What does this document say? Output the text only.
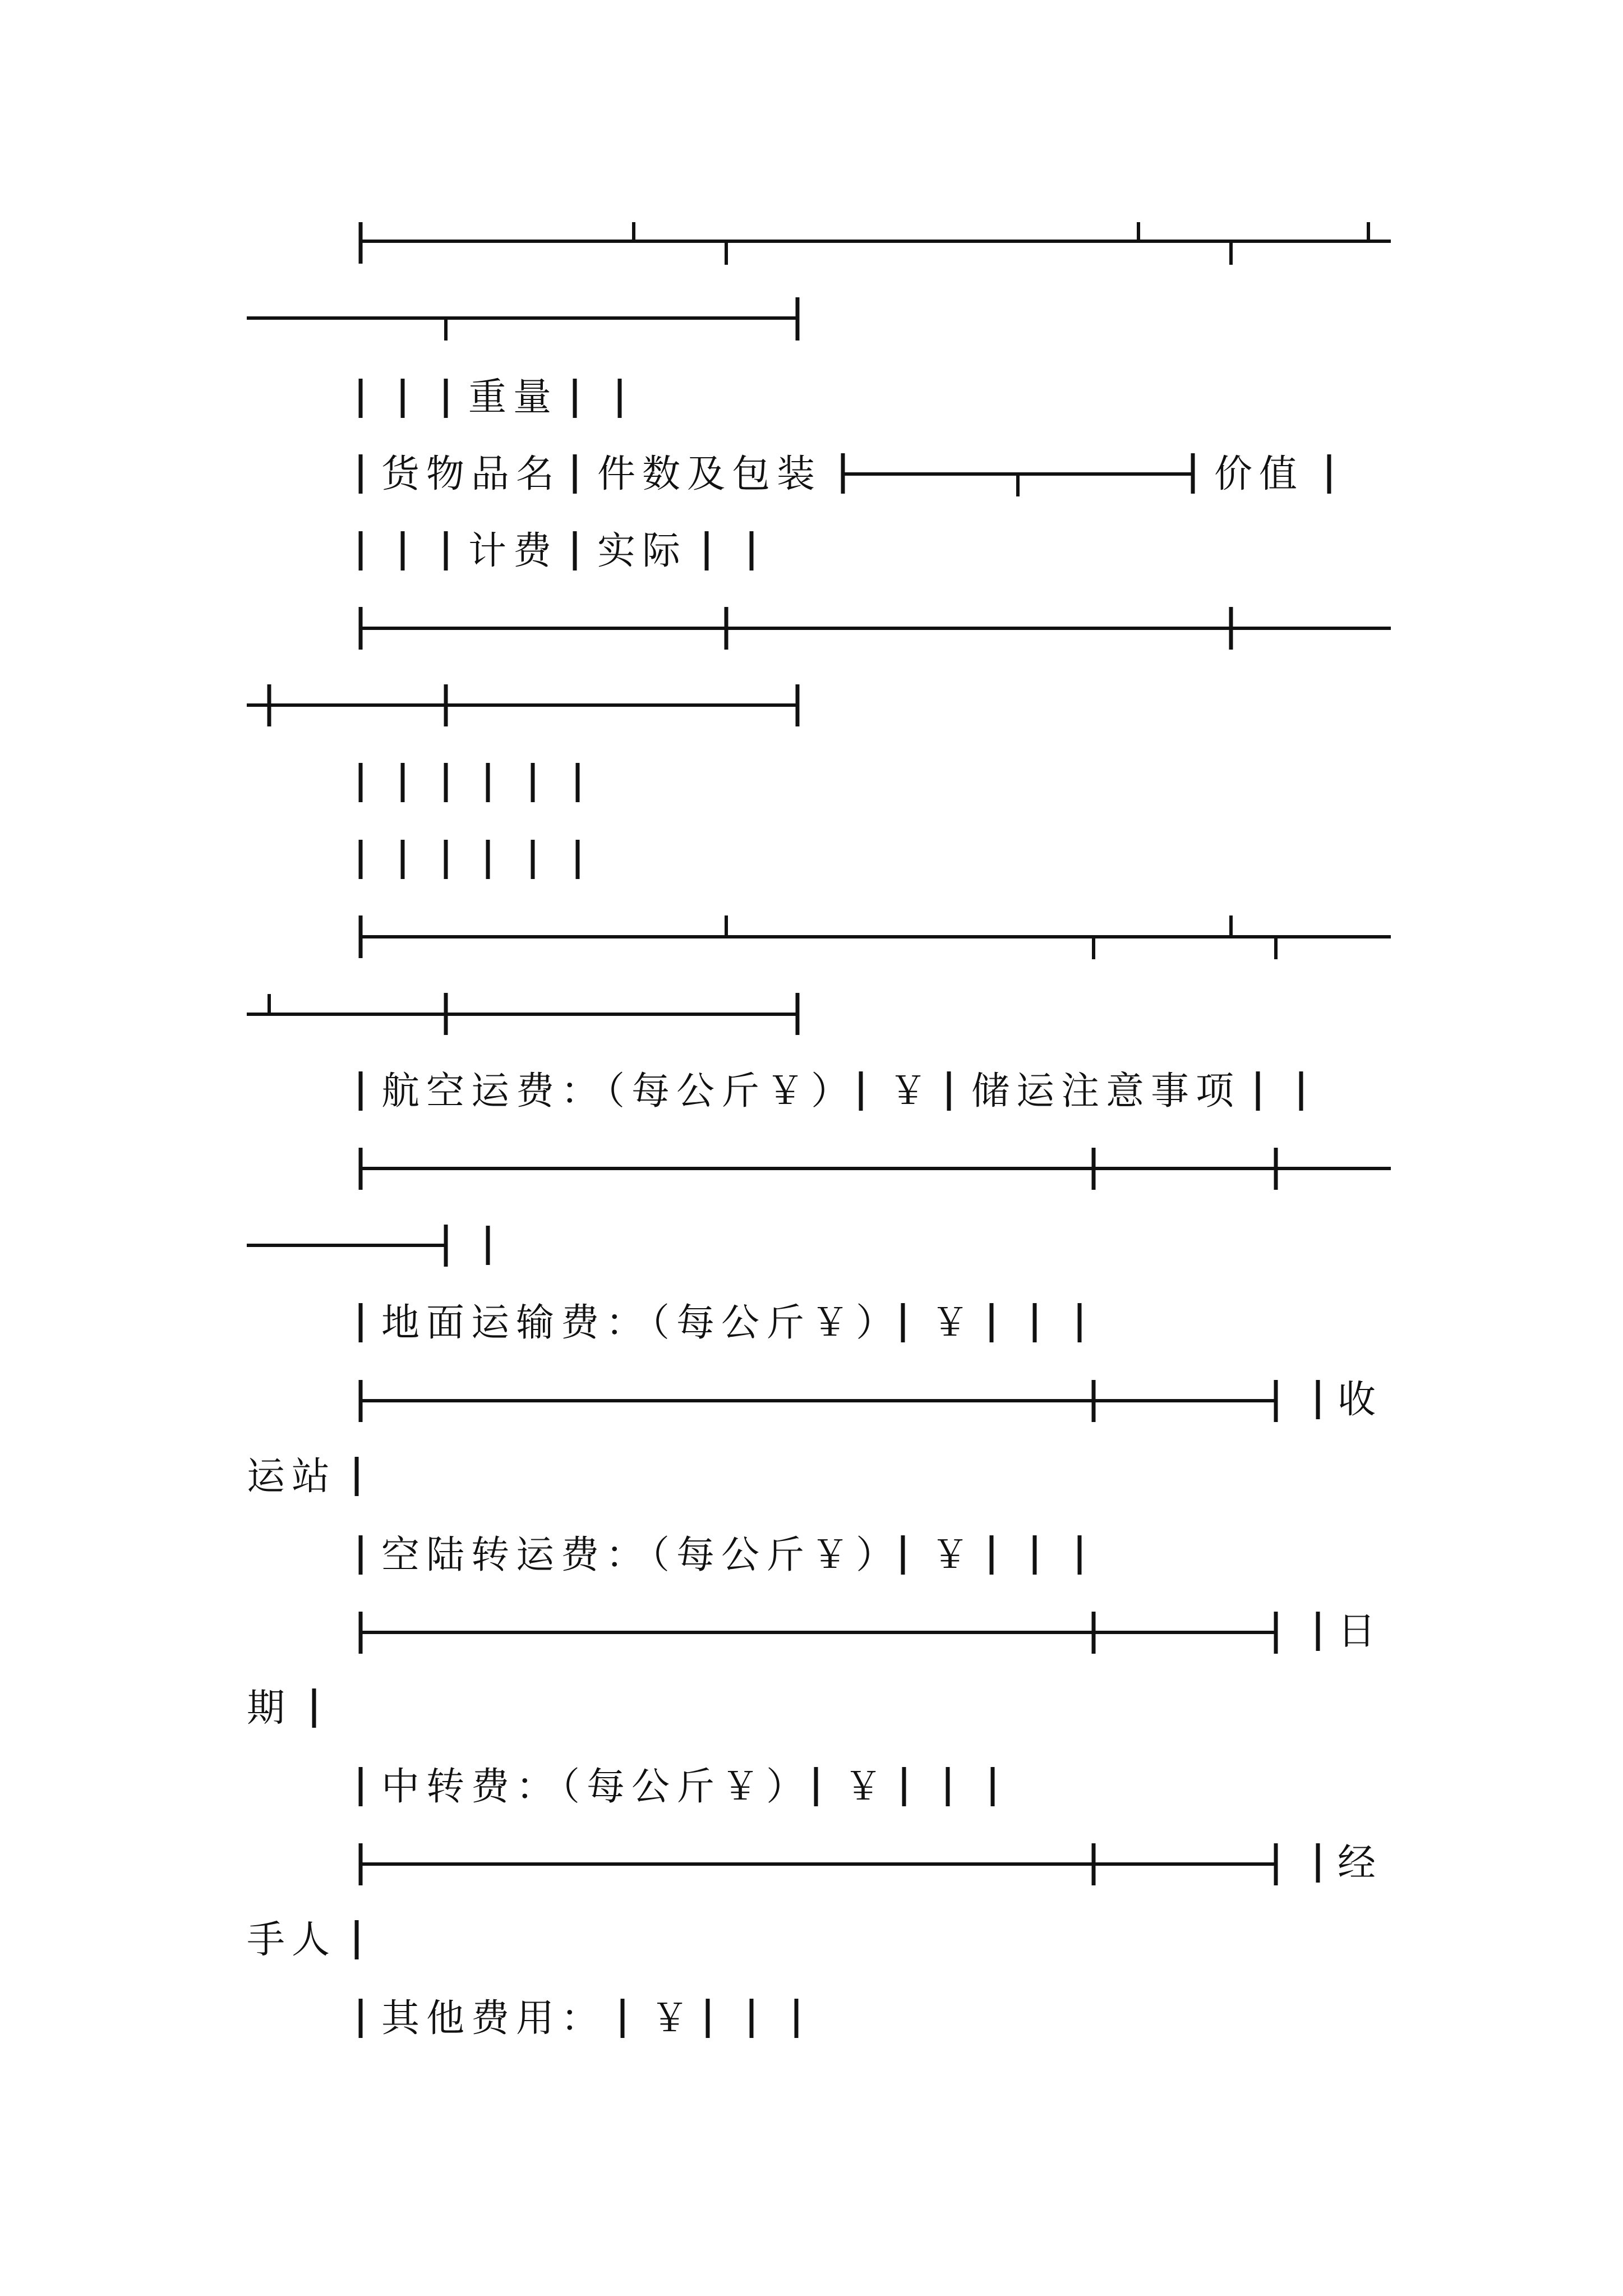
重量
货物品名 件数及包装	价值
计费 实际
航空运费：（每公斤￥） ￥ 储运注意事项
地面运输费：（每公斤￥） ￥
收
运站
空陆转运费：（每公斤￥） ￥
日
期
中转费：（每公斤￥） ￥
经
手人
其他费用： ￥
